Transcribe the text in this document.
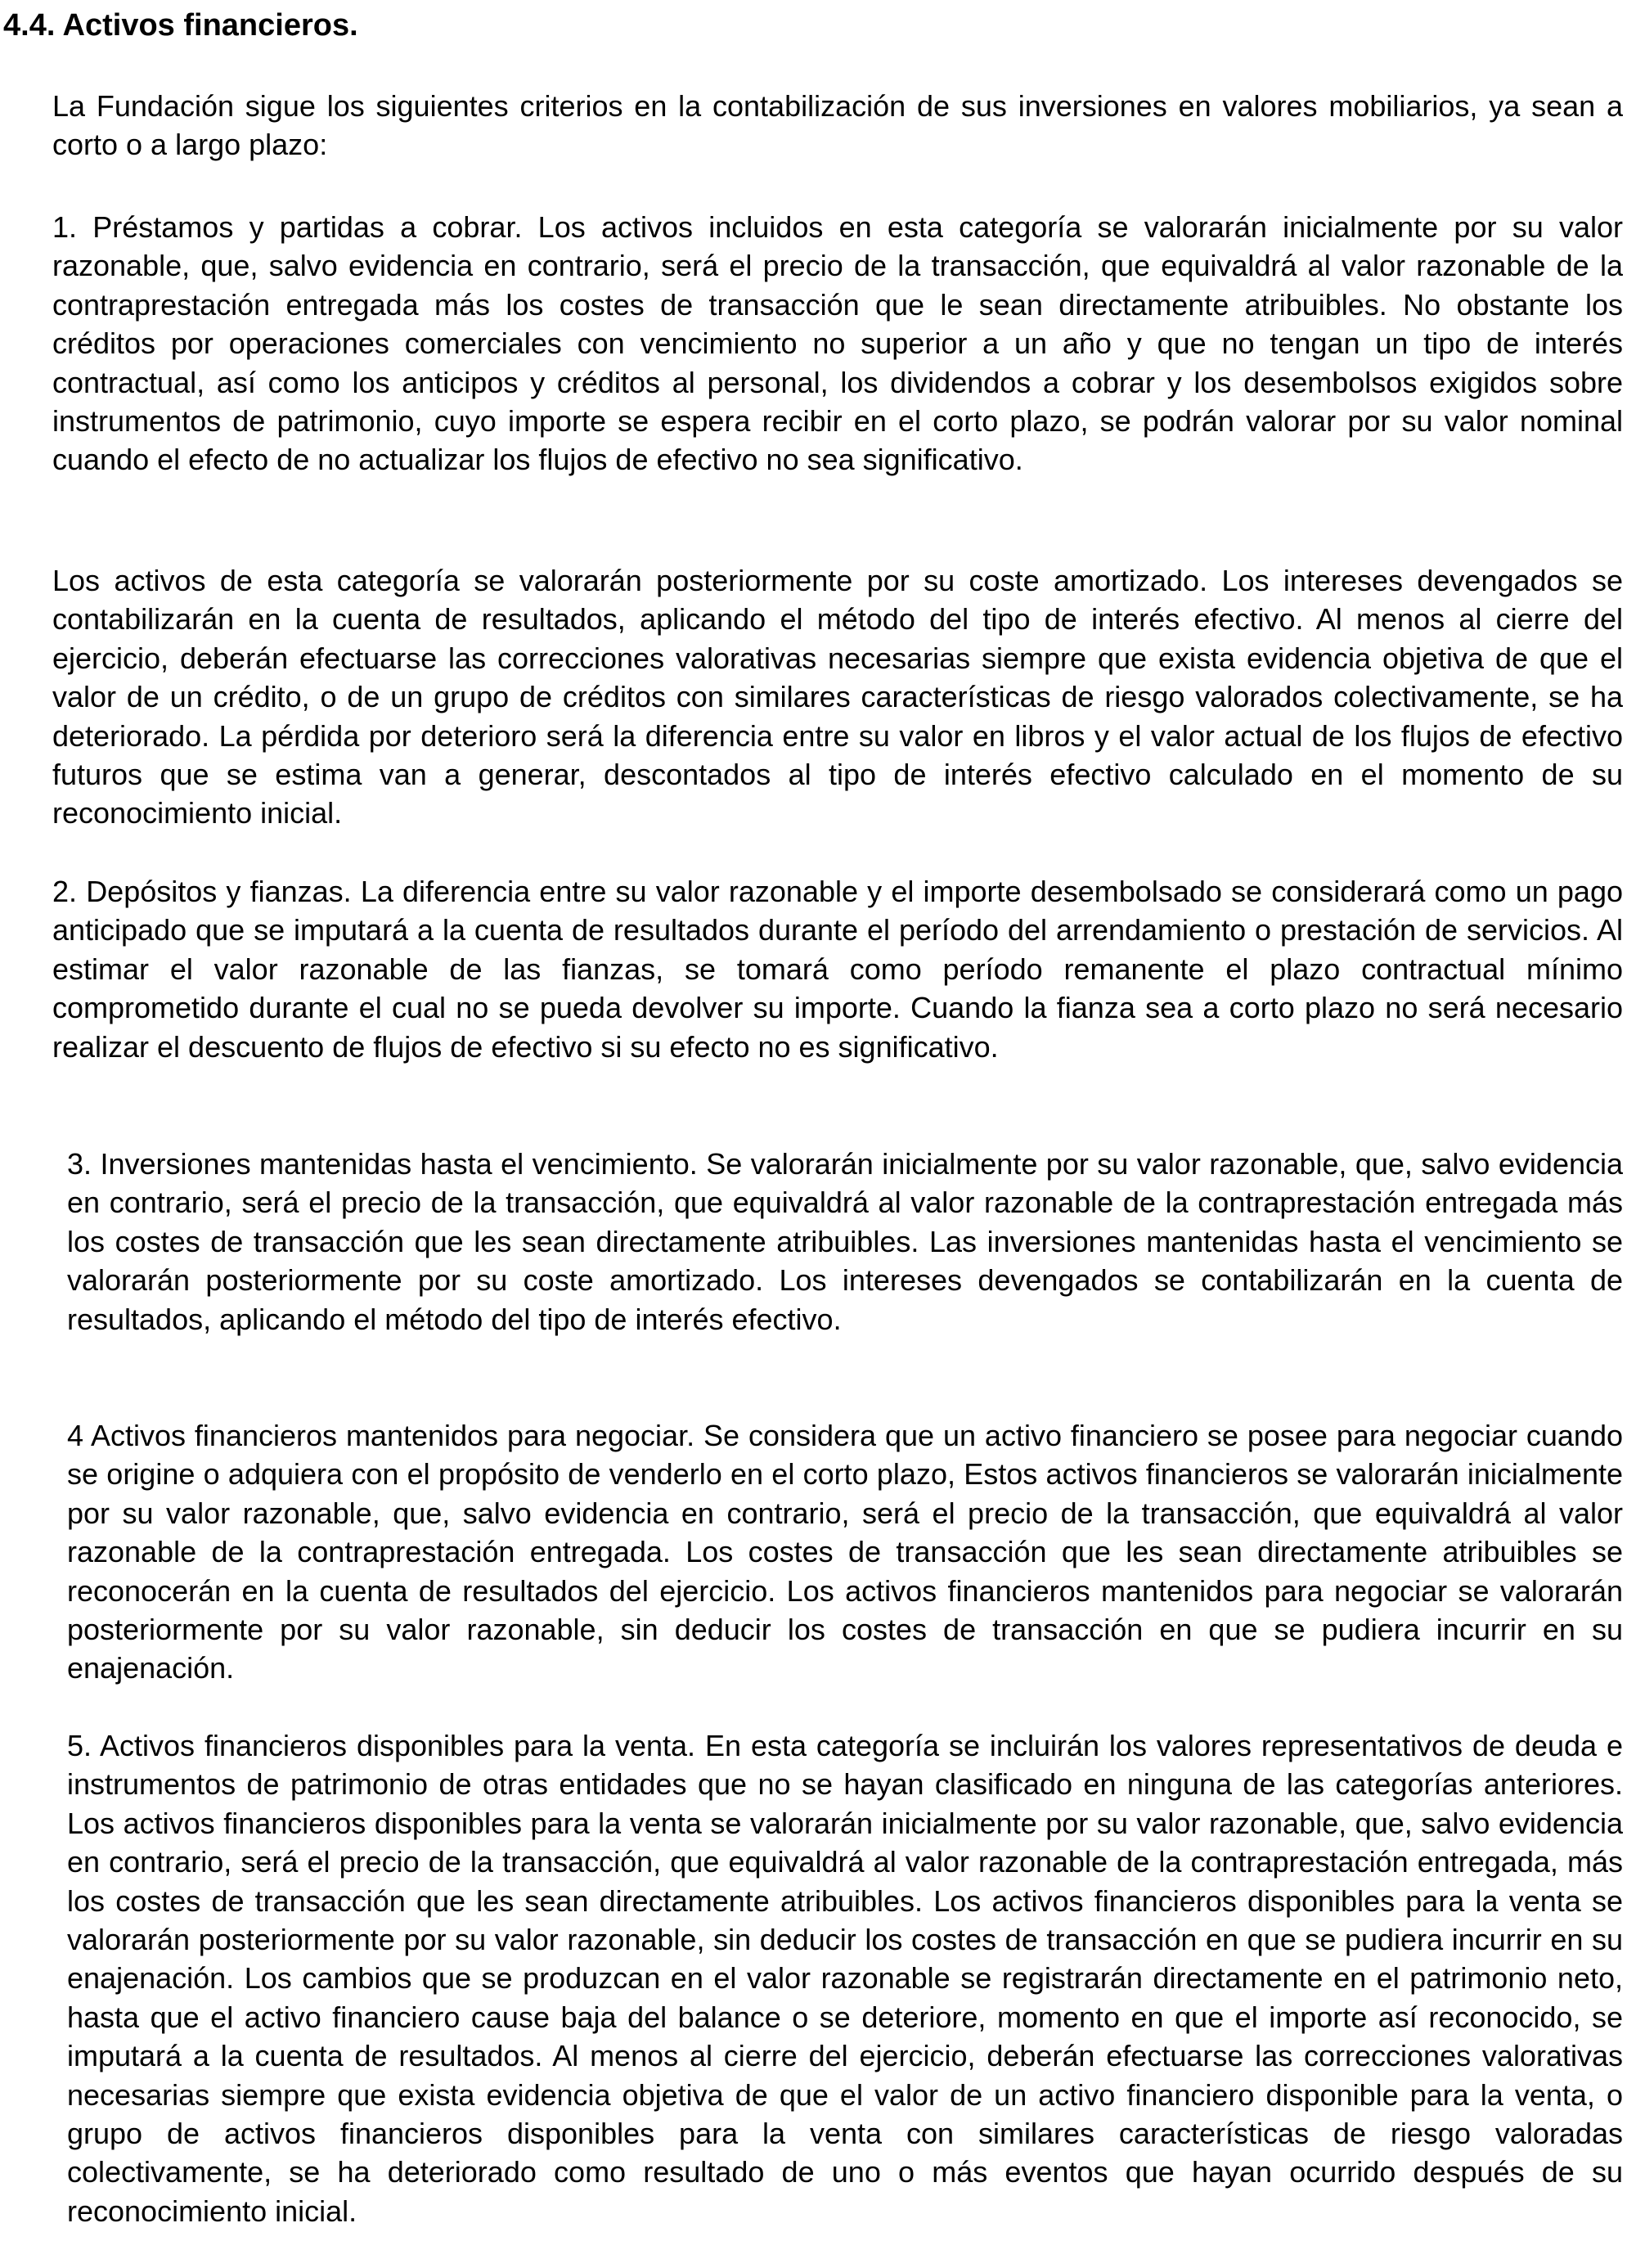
4.4. Activos financieros.

La Fundación sigue los siguientes criterios en la contabilización de sus inversiones en valores mobiliarios, ya sean a corto o a largo plazo:

1. Préstamos y partidas a cobrar. Los activos incluidos en esta categoría se valorarán inicialmente por su valor razonable, que, salvo evidencia en contrario, será el precio de la transacción, que equivaldrá al valor razonable de la contraprestación entregada más los costes de transacción que le sean directamente atribuibles. No obstante los créditos por operaciones comerciales con vencimiento no superior a un año y que no tengan un tipo de interés contractual, así como los anticipos y créditos al personal, los dividendos a cobrar y los desembolsos exigidos sobre instrumentos de patrimonio, cuyo importe se espera recibir en el corto plazo, se podrán valorar por su valor nominal cuando el efecto de no actualizar los flujos de efectivo no sea significativo.

Los activos de esta categoría se valorarán posteriormente por su coste amortizado. Los intereses devengados se contabilizarán en la cuenta de resultados, aplicando el método del tipo de interés efectivo. Al menos al cierre del ejercicio, deberán efectuarse las correcciones valorativas necesarias siempre que exista evidencia objetiva de que el valor de un crédito, o de un grupo de créditos con similares características de riesgo valorados colectivamente, se ha deteriorado. La pérdida por deterioro será la diferencia entre su valor en libros y el valor actual de los flujos de efectivo futuros que se estima van a generar, descontados al tipo de interés efectivo calculado en el momento de su reconocimiento inicial.

2. Depósitos y fianzas. La diferencia entre su valor razonable y el importe desembolsado se considerará como un pago anticipado que se imputará a la cuenta de resultados durante el período del arrendamiento o prestación de servicios. Al estimar el valor razonable de las fianzas, se tomará como período remanente el plazo contractual mínimo comprometido durante el cual no se pueda devolver su importe. Cuando la fianza sea a corto plazo no será necesario realizar el descuento de flujos de efectivo si su efecto no es significativo.

3. Inversiones mantenidas hasta el vencimiento. Se valorarán inicialmente por su valor razonable, que, salvo evidencia en contrario, será el precio de la transacción, que equivaldrá al valor razonable de la contraprestación entregada más los costes de transacción que les sean directamente atribuibles. Las inversiones mantenidas hasta el vencimiento se valorarán posteriormente por su coste amortizado. Los intereses devengados se contabilizarán en la cuenta de resultados, aplicando el método del tipo de interés efectivo.

4 Activos financieros mantenidos para negociar. Se considera que un activo financiero se posee para negociar cuando se origine o adquiera con el propósito de venderlo en el corto plazo, Estos activos financieros se valorarán inicialmente por su valor razonable, que, salvo evidencia en contrario, será el precio de la transacción, que equivaldrá al valor razonable de la contraprestación entregada. Los costes de transacción que les sean directamente atribuibles se reconocerán en la cuenta de resultados del ejercicio. Los activos financieros mantenidos para negociar se valorarán posteriormente por su valor razonable, sin deducir los costes de transacción en que se pudiera incurrir en su enajenación.

5. Activos financieros disponibles para la venta. En esta categoría se incluirán los valores representativos de deuda e instrumentos de patrimonio de otras entidades que no se hayan clasificado en ninguna de las categorías anteriores. Los activos financieros disponibles para la venta se valorarán inicialmente por su valor razonable, que, salvo evidencia en contrario, será el precio de la transacción, que equivaldrá al valor razonable de la contraprestación entregada, más los costes de transacción que les sean directamente atribuibles. Los activos financieros disponibles para la venta se valorarán posteriormente por su valor razonable, sin deducir los costes de transacción en que se pudiera incurrir en su enajenación. Los cambios que se produzcan en el valor razonable se registrarán directamente en el patrimonio neto, hasta que el activo financiero cause baja del balance o se deteriore, momento en que el importe así reconocido, se imputará a la cuenta de resultados. Al menos al cierre del ejercicio, deberán efectuarse las correcciones valorativas necesarias siempre que exista evidencia objetiva de que el valor de un activo financiero disponible para la venta, o grupo de activos financieros disponibles para la venta con similares características de riesgo valoradas colectivamente, se ha deteriorado como resultado de uno o más eventos que hayan ocurrido después de su reconocimiento inicial.
